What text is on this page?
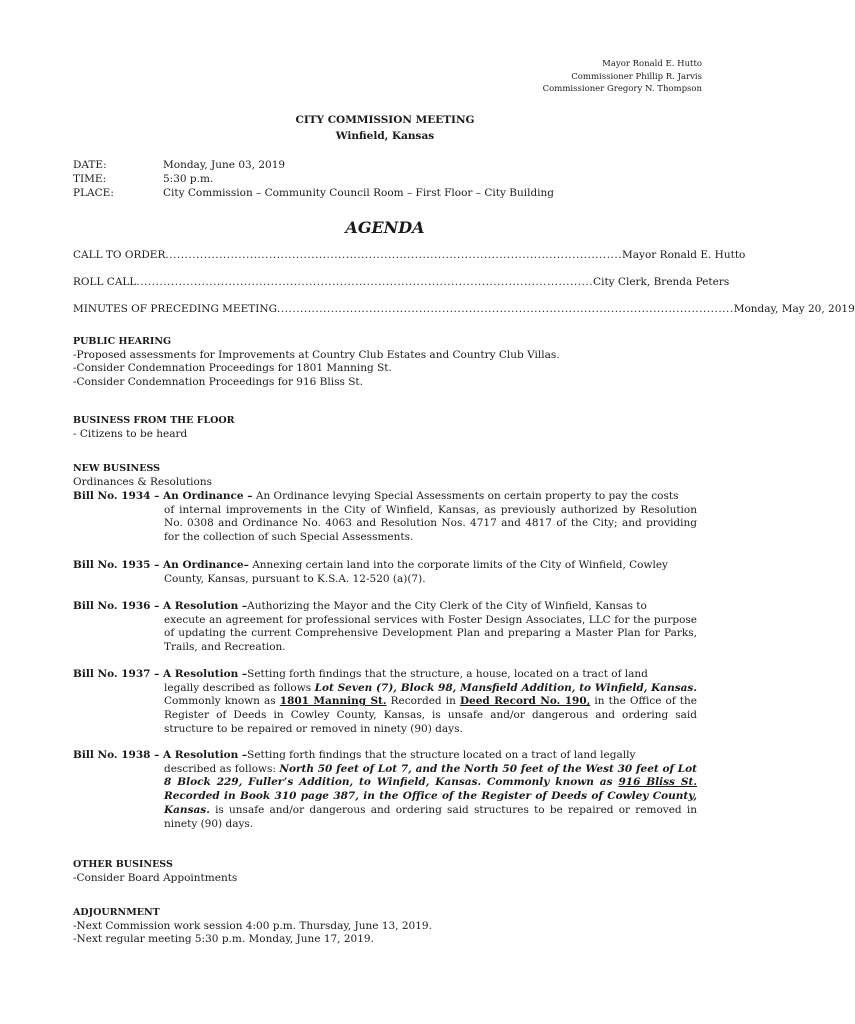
Mayor Ronald E. Hutto
Commissioner Phillip R. Jarvis
Commissioner Gregory N. Thompson
CITY COMMISSION MEETING
Winfield, Kansas
DATE:	Monday, June 03, 2019
TIME:	5:30 p.m.
PLACE:	City Commission – Community Council Room – First Floor – City Building
AGENDA
CALL TO ORDER ....................................................................................................................... Mayor Ronald E. Hutto
ROLL CALL ....................................................................................................................... City Clerk, Brenda Peters
MINUTES OF PRECEDING MEETING ....................................................................................................................... Monday, May 20, 2019
PUBLIC HEARING
-Proposed assessments for Improvements at Country Club Estates and Country Club Villas.
-Consider Condemnation Proceedings for 1801 Manning St.
-Consider Condemnation Proceedings for 916 Bliss St.
BUSINESS FROM THE FLOOR
- Citizens to be heard
NEW BUSINESS
Ordinances & Resolutions
Bill No. 1934 – An Ordinance – An Ordinance levying Special Assessments on certain property to pay the costs
of internal improvements in the City of Winfield, Kansas, as previously authorized by Resolution No. 0308 and Ordinance No. 4063 and Resolution Nos. 4717 and 4817 of the City; and providing for the collection of such Special Assessments.
Bill No. 1935 – An Ordinance– Annexing certain land into the corporate limits of the City of Winfield, Cowley
County, Kansas, pursuant to K.S.A. 12-520 (a)(7).
Bill No. 1936 – A Resolution –Authorizing the Mayor and the City Clerk of the City of Winfield, Kansas to
execute an agreement for professional services with Foster Design Associates, LLC for the purpose of updating the current Comprehensive Development Plan and preparing a Master Plan for Parks, Trails, and Recreation.
Bill No. 1937 – A Resolution –Setting forth findings that the structure, a house, located on a tract of land
legally described as follows Lot Seven (7), Block 98, Mansfield Addition, to Winfield, Kansas. Commonly known as 1801 Manning St. Recorded in Deed Record No. 190, in the Office of the Register of Deeds in Cowley County, Kansas, is unsafe and/or dangerous and ordering said structure to be repaired or removed in ninety (90) days.
Bill No. 1938 – A Resolution –Setting forth findings that the structure located on a tract of land legally
described as follows: North 50 feet of Lot 7, and the North 50 feet of the West 30 feet of Lot 8 Block 229, Fuller’s Addition, to Winfield, Kansas. Commonly known as 916 Bliss St. Recorded in Book 310 page 387, in the Office of the Register of Deeds of Cowley County, Kansas. is unsafe and/or dangerous and ordering said structures to be repaired or removed in ninety (90) days.
OTHER BUSINESS
-Consider Board Appointments
ADJOURNMENT
-Next Commission work session 4:00 p.m. Thursday, June 13, 2019.
-Next regular meeting 5:30 p.m. Monday, June 17, 2019.
